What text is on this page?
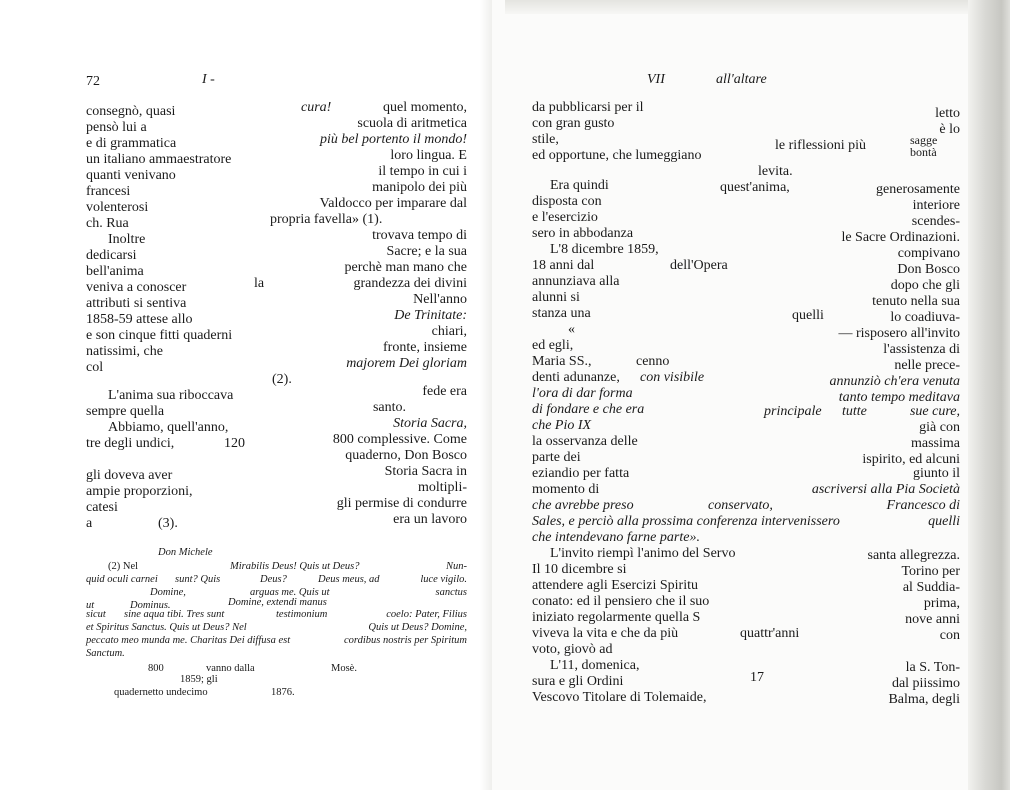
72	I -
consegnò, quasi	cura!	quel momento,
pensò lui a	scuola di aritmetica
e di grammatica	più bel portento il mondo!
un italiano ammaestratore	loro lingua. E
quanti venivano	il tempo in cui i
francesi	manipolo dei più
volenterosi	Valdocco per imparare dal
ch. Rua	propria favella» (1).
Inoltre	trovava tempo di
dedicarsi	Sacre; e la sua
bell'anima	perchè man mano che
veniva a conoscer	la	grandezza dei divini
attributi si sentiva	Nell'anno
1858-59 attese allo	De Trinitate:
e son cinque fitti quaderni	chiari,
natissimi, che	fronte, insieme
col	majorem Dei gloriam
(2).
L'anima sua riboccava	fede era
sempre quella	santo.
Abbiamo, quell'anno,	Storia Sacra,
tre degli undici,	120	800 complessive. Come
quaderno, Don Bosco
gli doveva aver	Storia Sacra in
ampie proporzioni,	moltipli-
catesi	gli permise di condurre
a	(3).	era un lavoro
Don Michele
(2) Nel	Mirabilis Deus! Quis ut Deus?	Nun-
quid oculi carnei sunt? Quis	Deus?	Deus meus, ad	luce vigilo.
Domine,	arguas me. Quis ut	sanctus
ut	Dominus.	Domine, extendi manus
sicut sine aqua tibi. Tres sunt	testimonium	coelo: Pater, Filius
et Spiritus Sanctus. Quis ut Deus? Nel	Quis ut Deus? Domine,
peccato meo munda me. Charitas Dei diffusa est	cordibus nostris per Spiritum
Sanctum.
800	vanno dalla	Mosè.
1859; gli
quadernetto undecimo	1876.
VII	all'altare
da pubblicarsi per il	letto
con gran gusto	è lo
stile,	le riflessioni più	sagge
ed opportune, che lumeggiano	bontà
levita.
Era quindi	quest'anima,	generosamente
disposta con	interiore
e l'esercizio	scendes-
sero in abbodanza	le Sacre Ordinazioni.
L'8 dicembre 1859,	compivano
18 anni dal	dell'Opera	Don Bosco
annunziava alla	dopo che gli
alunni si	tenuto nella sua
stanza una	quelli	lo coadiuva-
«	— risposero all'invito
ed egli,	l'assistenza di
Maria SS.,	cenno	nelle prece-
denti adunanze, con visibile	annunziò ch'era venuta
l'ora di dar forma	tanto tempo meditava
di fondare e che era	principale tutte	sue cure,
che Pio IX	già con
la osservanza delle	massima
parte dei	ispirito, ed alcuni
eziandio per fatta	giunto il
momento di	ascriversi alla Pia Società
che avrebbe preso	conservato,	Francesco di
Sales, e perciò alla prossima conferenza intervenissero	quelli
che intendevano farne parte».
L'invito riempì l'animo del Servo	santa allegrezza.
Il 10 dicembre si	Torino per
attendere agli Esercizi Spiritu	al Suddia-
conato: ed il pensiero che il suo	prima,
iniziato regolarmente quella S	nove anni
viveva la vita e che da più	quattr'anni	con
voto, giovò ad
L'11, domenica,	la S. Ton-
sura e gli Ordini	17	dal piissimo
Vescovo Titolare di Tolemaide,	Balma, degli
